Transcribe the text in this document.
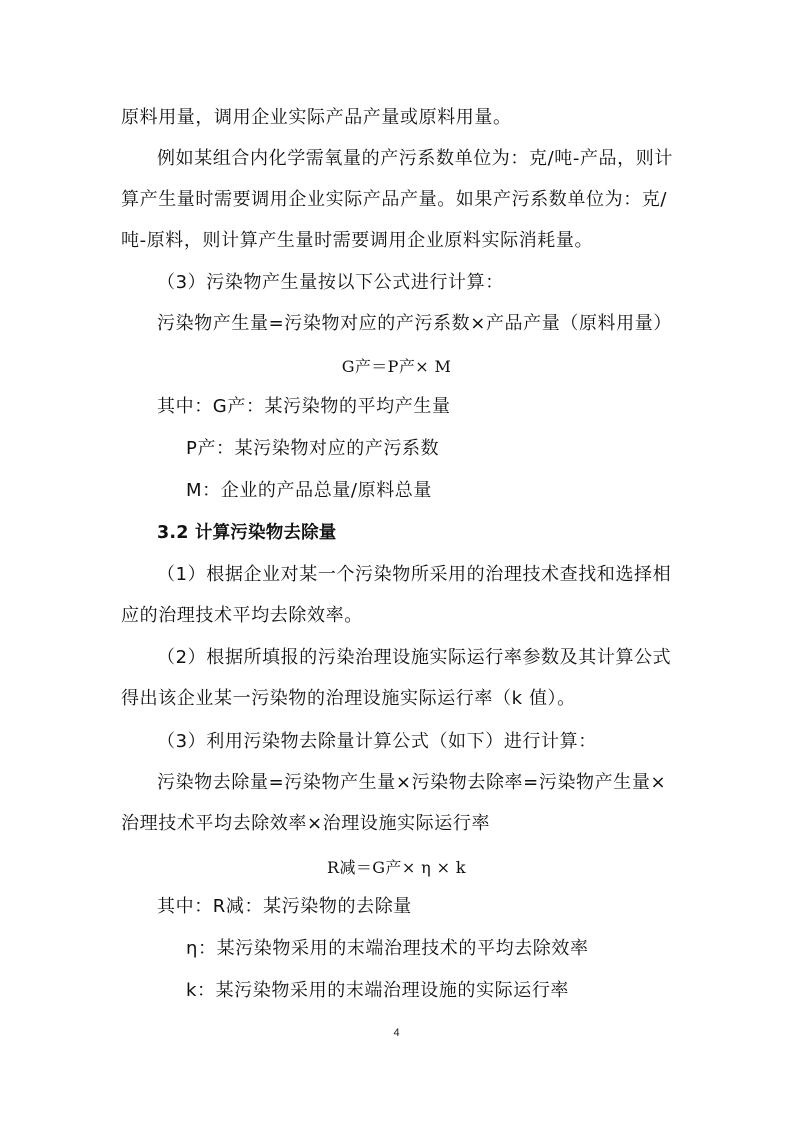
原料用量，调用企业实际产品产量或原料用量。
例如某组合内化学需氧量的产污系数单位为：克/吨-产品，则计
算产生量时需要调用企业实际产品产量。如果产污系数单位为：克/
吨-原料，则计算产生量时需要调用企业原料实际消耗量。
（3）污染物产生量按以下公式进行计算：
污染物产生量=污染物对应的产污系数×产品产量（原料用量）
G产＝P产× M
其中：G产：某污染物的平均产生量
P产：某污染物对应的产污系数
M：企业的产品总量/原料总量
3.2 计算污染物去除量
（1）根据企业对某一个污染物所采用的治理技术查找和选择相
应的治理技术平均去除效率。
（2）根据所填报的污染治理设施实际运行率参数及其计算公式
得出该企业某一污染物的治理设施实际运行率（k 值）。
（3）利用污染物去除量计算公式（如下）进行计算：
污染物去除量=污染物产生量×污染物去除率=污染物产生量×
治理技术平均去除效率×治理设施实际运行率
R减＝G产× η × k
其中：R减：某污染物的去除量
η：某污染物采用的末端治理技术的平均去除效率
k：某污染物采用的末端治理设施的实际运行率
4
